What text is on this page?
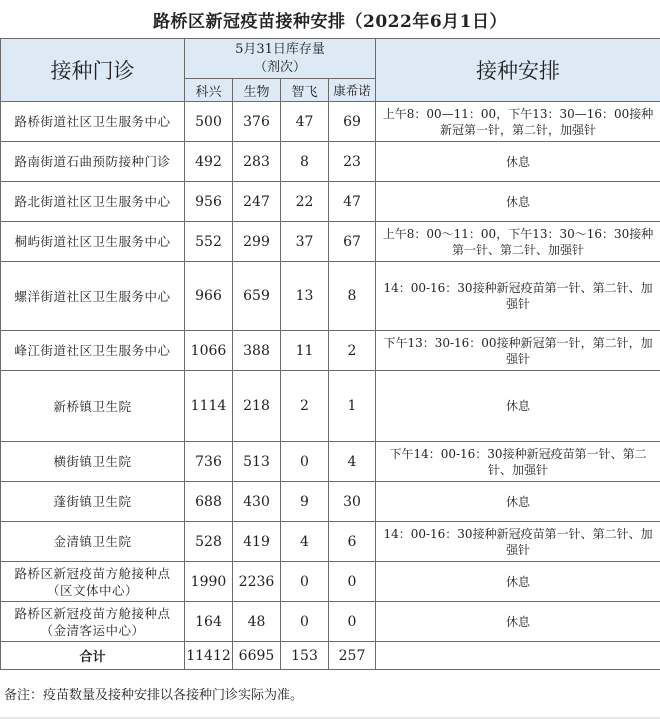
路桥区新冠疫苗接种安排（2022年6月1日）
接种门诊	5月31日库存量
（剂次）				接种安排
	科兴	生物	智飞	康希诺	
路桥街道社区卫生服务中心	500	376	47	69	上午8：00—11：00，下午13：30—16：00接种新冠第一针，第二针，加强针
路南街道石曲预防接种门诊	492	283	8	23	休息
路北街道社区卫生服务中心	956	247	22	47	休息
桐屿街道社区卫生服务中心	552	299	37	67	上午8：00～11：00，下午13：30～16：30接种第一针、第二针、加强针
螺洋街道社区卫生服务中心	966	659	13	8	14：00-16：30接种新冠疫苗第一针、第二针、加强针
峰江街道社区卫生服务中心	1066	388	11	2	下午13：30-16：00接种新冠第一针，第二针，加强针
新桥镇卫生院	1114	218	2	1	休息
横街镇卫生院	736	513	0	4	下午14：00-16：30接种新冠疫苗第一针、第二针、加强针
蓬街镇卫生院	688	430	9	30	休息
金清镇卫生院	528	419	4	6	14：00-16：30接种新冠疫苗第一针、第二针、加强针
路桥区新冠疫苗方舱接种点（区文体中心）	1990	2236	0	0	休息
路桥区新冠疫苗方舱接种点（金清客运中心）	164	48	0	0	休息
合计	11412	6695	153	257	
备注：疫苗数量及接种安排以各接种门诊实际为准。
